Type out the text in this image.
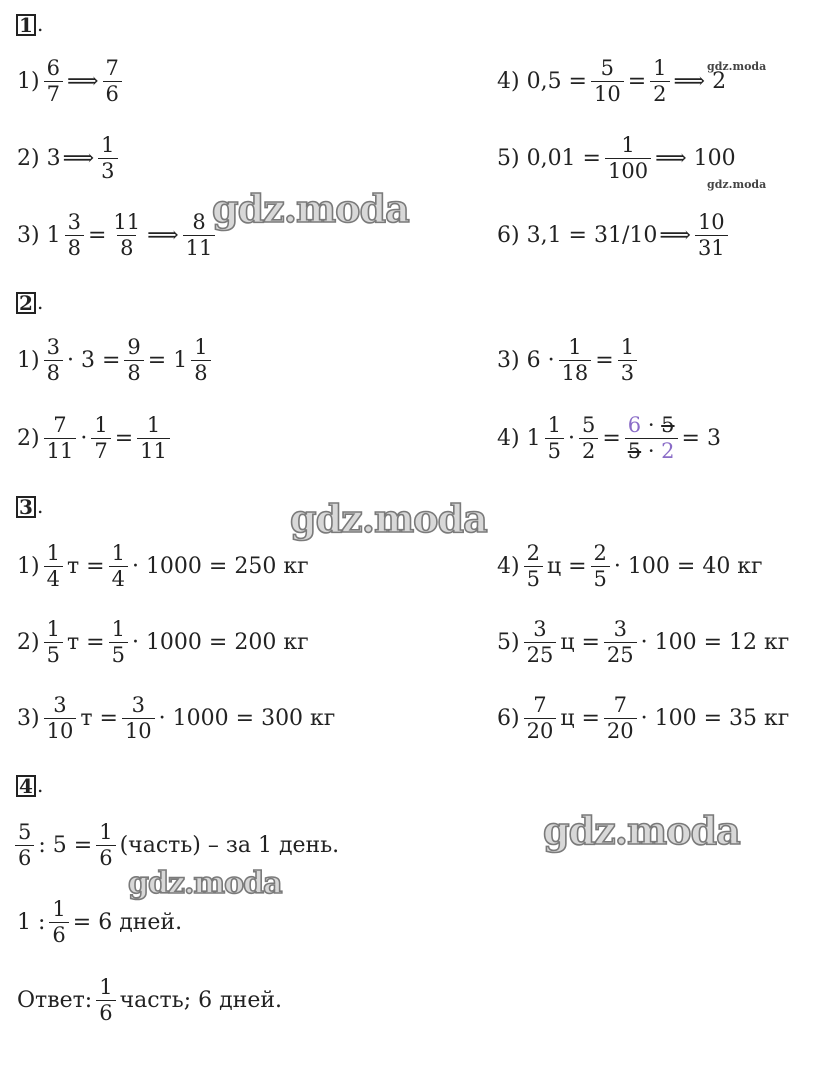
1 .
$1) \frac{6}{7}$ ⟹ $\frac{7}{6}$
2) 3⟹ $\frac{1}{3}$
3) $1 \frac{3}{8} = \frac{11}{8}$ ⟹ $\frac{8}{11}$
4) $0,5 = \frac{5}{10} = \frac{1}{2}$ ⟹ 2
5) $0,01 = \frac{1}{100}$ ⟹ 100
6) 3,1 = 31/10⟹ $\frac{10}{31}$
2 .
$1) \frac{3}{8} \cdot 3 = \frac{9}{8} = 1 \frac{1}{8}$
$2) \frac{7}{11} \cdot \frac{1}{7} = \frac{1}{11}$
3) $6 \cdot \frac{1}{18} = \frac{1}{3}$
4) $1 \frac{1}{5} \cdot \frac{5}{2} = \frac{6 \cdot 5}{5 \cdot 2} = 3$
3 .
$1) \frac{1}{4}$ $т = \frac{1}{4} \cdot 1000 = 250$ кг
$2) \frac{1}{5}$ $т = \frac{1}{5} \cdot 1000 = 200$ кг
$3) \frac{3}{10}$ $т = \frac{3}{10} \cdot 1000 = 300$ кг
$4) \frac{2}{5}$ $ц = \frac{2}{5} \cdot 100 = 40$ кг
$5) \frac{3}{25}$ $ц = \frac{3}{25} \cdot 100 = 12$ кг
$6) \frac{7}{20}$ $ц = \frac{7}{20} \cdot 100 = 35$ кг
4 .
$\frac{5}{6}$ : $5 = \frac{1}{6}$ (часть) – за 1 день.
1 : $\frac{1}{6} = 6$ дней.
Ответ: $\frac{1}{6}$ часть; 6 дней.
gdz.moda
gdz.moda
gdz.moda
gdz.moda
gdz.moda
gdz.moda
